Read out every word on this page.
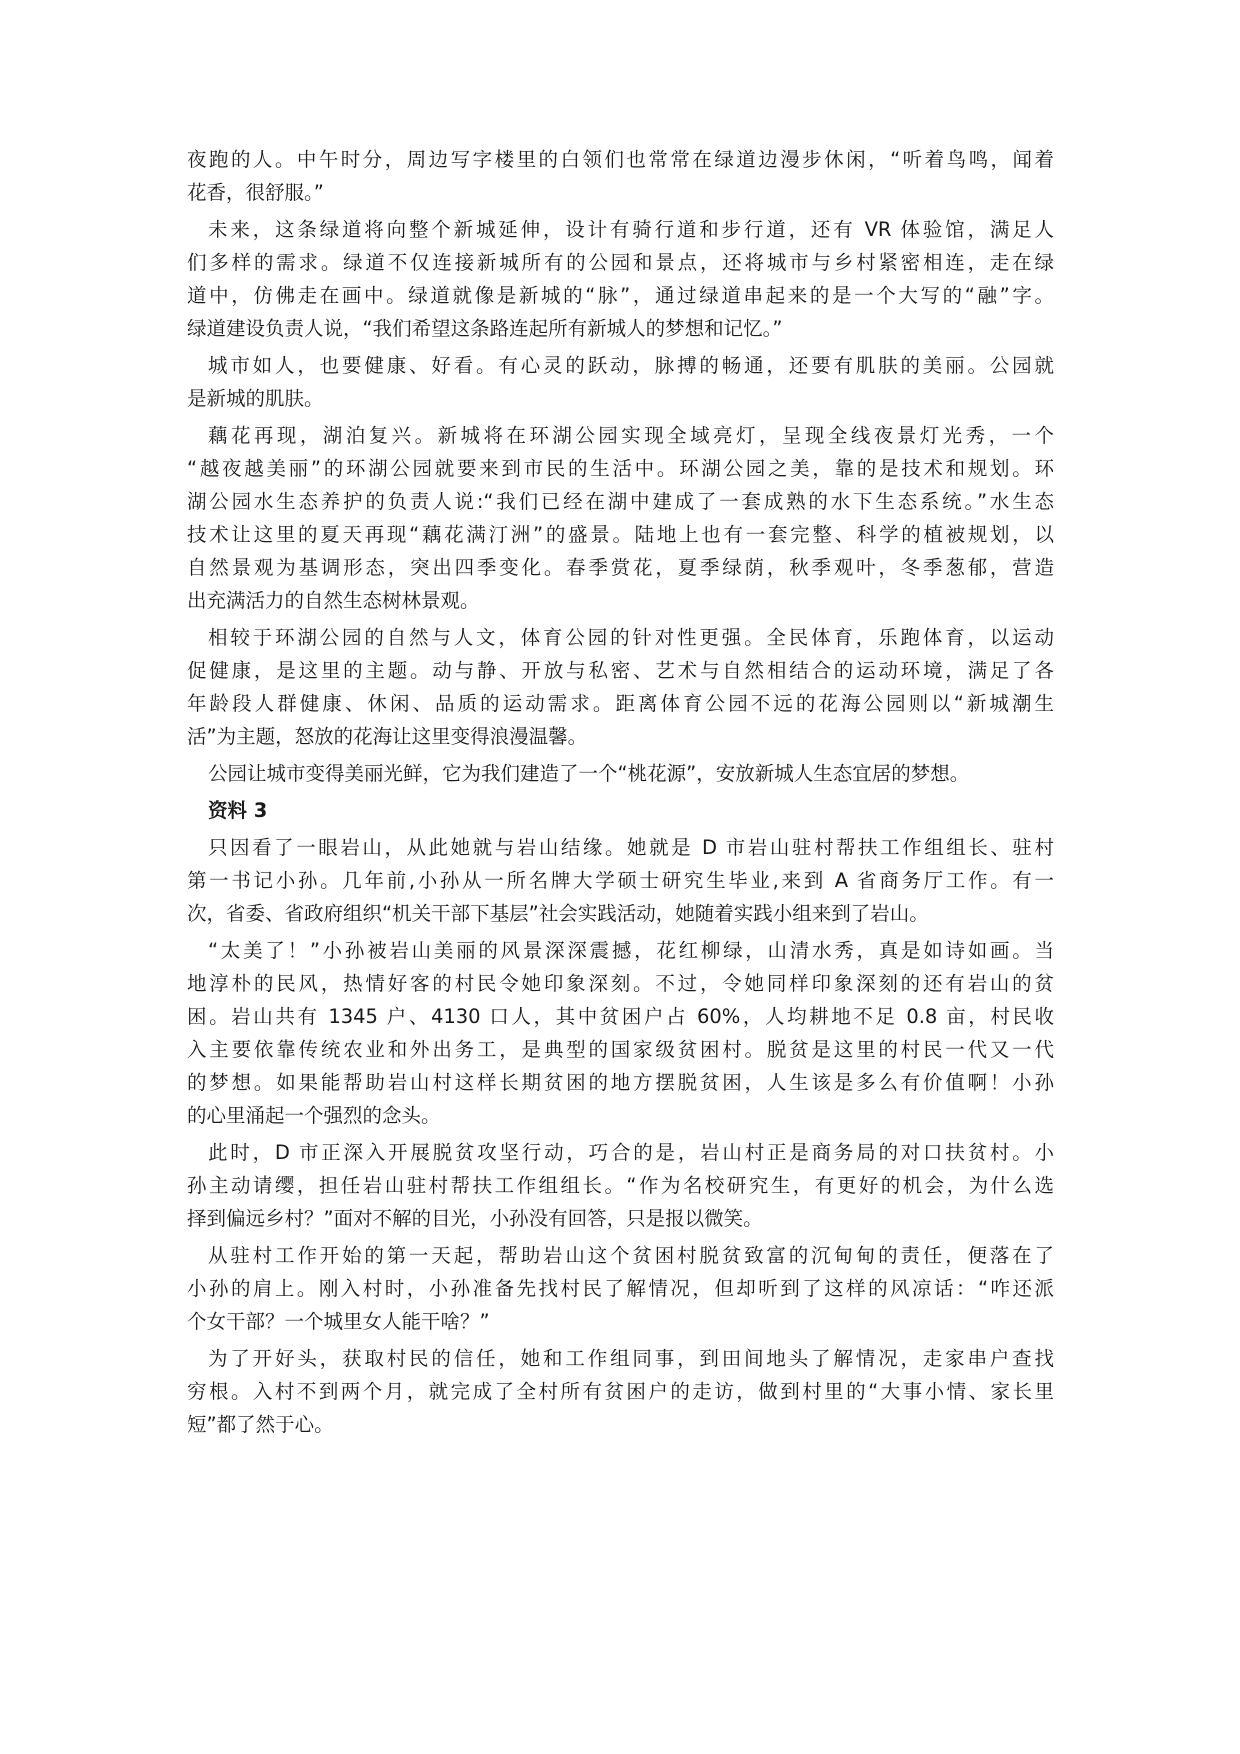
夜跑的人。中午时分，周边写字楼里的白领们也常常在绿道边漫步休闲，“听着鸟鸣，闻着
花香，很舒服。”
未来，这条绿道将向整个新城延伸，设计有骑行道和步行道，还有 VR 体验馆，满足人
们多样的需求。绿道不仅连接新城所有的公园和景点，还将城市与乡村紧密相连，走在绿
道中，仿佛走在画中。绿道就像是新城的“脉”，通过绿道串起来的是一个大写的“融”字。
绿道建设负责人说，“我们希望这条路连起所有新城人的梦想和记忆。”
城市如人，也要健康、好看。有心灵的跃动，脉搏的畅通，还要有肌肤的美丽。公园就
是新城的肌肤。
藕花再现，湖泊复兴。新城将在环湖公园实现全域亮灯，呈现全线夜景灯光秀，一个
“越夜越美丽”的环湖公园就要来到市民的生活中。环湖公园之美，靠的是技术和规划。环
湖公园水生态养护的负责人说:“我们已经在湖中建成了一套成熟的水下生态系统。”水生态
技术让这里的夏天再现“藕花满汀洲”的盛景。陆地上也有一套完整、科学的植被规划，以
自然景观为基调形态，突出四季变化。春季赏花，夏季绿荫，秋季观叶，冬季葱郁，营造
出充满活力的自然生态树林景观。
相较于环湖公园的自然与人文，体育公园的针对性更强。全民体育，乐跑体育，以运动
促健康，是这里的主题。动与静、开放与私密、艺术与自然相结合的运动环境，满足了各
年龄段人群健康、休闲、品质的运动需求。距离体育公园不远的花海公园则以“新城潮生
活”为主题，怒放的花海让这里变得浪漫温馨。
公园让城市变得美丽光鲜，它为我们建造了一个“桃花源”，安放新城人生态宜居的梦想。
资料 3
只因看了一眼岩山，从此她就与岩山结缘。她就是 D 市岩山驻村帮扶工作组组长、驻村
第一书记小孙。几年前,小孙从一所名牌大学硕士研究生毕业,来到 A 省商务厅工作。有一
次，省委、省政府组织“机关干部下基层”社会实践活动，她随着实践小组来到了岩山。
“太美了！”小孙被岩山美丽的风景深深震撼，花红柳绿，山清水秀，真是如诗如画。当
地淳朴的民风，热情好客的村民令她印象深刻。不过，令她同样印象深刻的还有岩山的贫
困。岩山共有 1345 户、4130 口人，其中贫困户占 60%，人均耕地不足 0.8 亩，村民收
入主要依靠传统农业和外出务工，是典型的国家级贫困村。脱贫是这里的村民一代又一代
的梦想。如果能帮助岩山村这样长期贫困的地方摆脱贫困，人生该是多么有价值啊！小孙
的心里涌起一个强烈的念头。
此时，D 市正深入开展脱贫攻坚行动，巧合的是，岩山村正是商务局的对口扶贫村。小
孙主动请缨，担任岩山驻村帮扶工作组组长。“作为名校研究生，有更好的机会，为什么选
择到偏远乡村？”面对不解的目光，小孙没有回答，只是报以微笑。
从驻村工作开始的第一天起，帮助岩山这个贫困村脱贫致富的沉甸甸的责任，便落在了
小孙的肩上。刚入村时，小孙准备先找村民了解情况，但却听到了这样的风凉话：“咋还派
个女干部？一个城里女人能干啥？”
为了开好头，获取村民的信任，她和工作组同事，到田间地头了解情况，走家串户查找
穷根。入村不到两个月，就完成了全村所有贫困户的走访，做到村里的“大事小情、家长里
短”都了然于心。
